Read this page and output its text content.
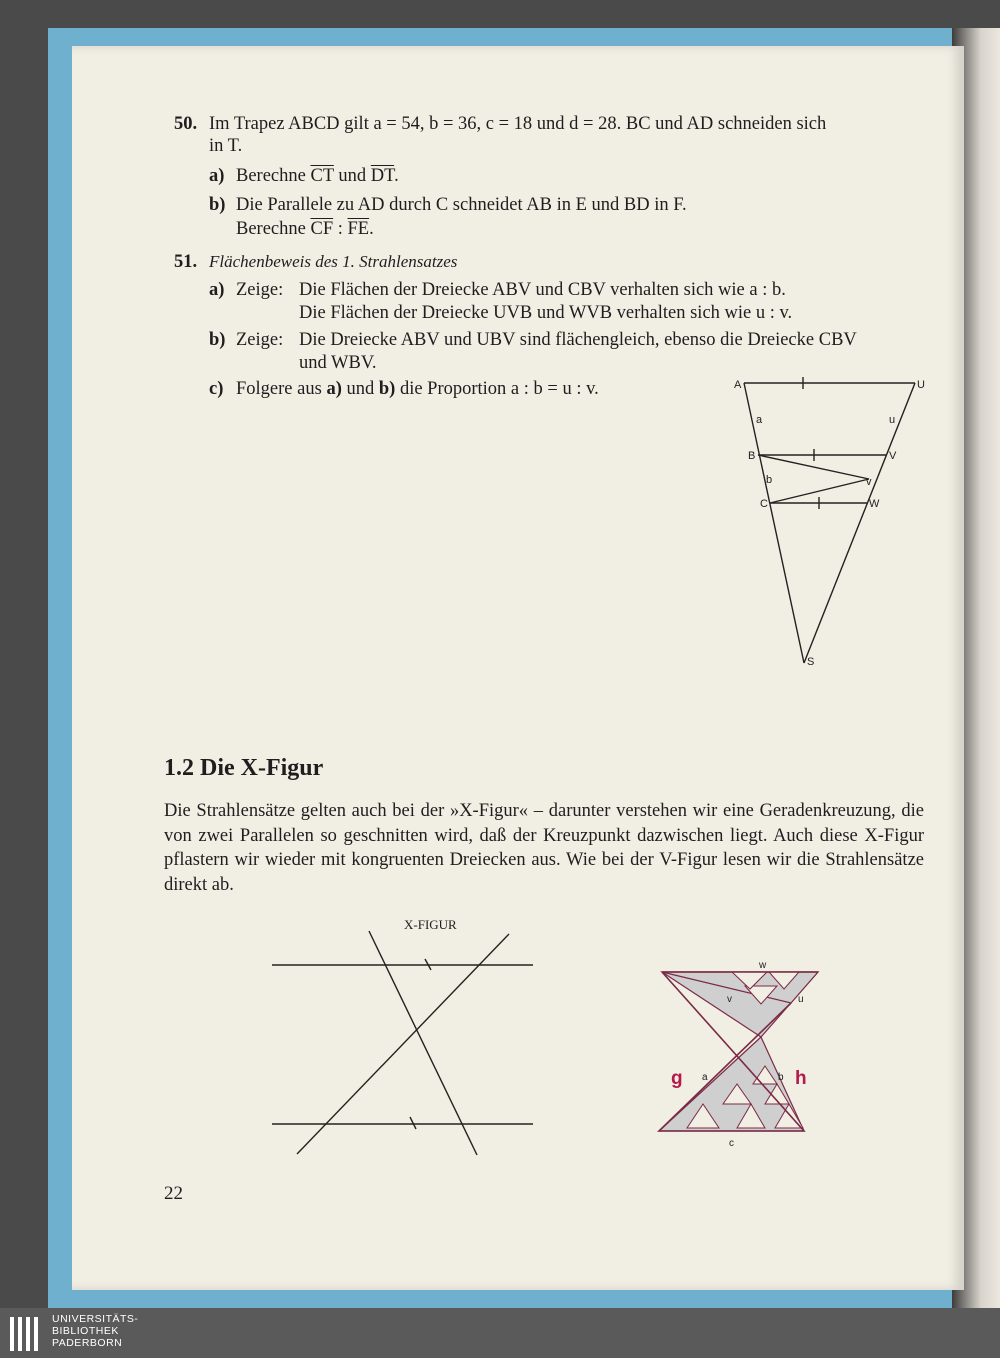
50. Im Trapez ABCD gilt a = 54, b = 36, c = 18 und d = 28. BC und AD schneiden sich
in T.
a) Berechne $\overline{CT}$ und $\overline{DT}$.
b) Die Parallele zu AD durch C schneidet AB in E und BD in F.
Berechne $\overline{CF}$ : $\overline{FE}$.
51. Flächenbeweis des 1. Strahlensatzes
a) Zeige: Die Flächen der Dreiecke ABV und CBV verhalten sich wie a : b.
Die Flächen der Dreiecke UVB und WVB verhalten sich wie u : v.
b) Zeige: Die Dreiecke ABV und UBV sind flächengleich, ebenso die Dreiecke CBV
und WBV.
c) Folgere aus a) und b) die Proportion a : b = u : v.	A	U
B	V
C	W
S
a	u
b	v
1.2 Die X-Figur
Die Strahlensätze gelten auch bei der »X-Figur« – darunter verstehen wir eine Geradenkreuzung, die von zwei Parallelen so geschnitten wird, daß der Kreuzpunkt dazwischen liegt. Auch diese X-Figur pflastern wir wieder mit kongruenten Dreiecken aus. Wie bei der V-Figur lesen wir die Strahlensätze direkt ab.
X-FIGUR
w
v	u
a	b
c
g	h
22
UNIVERSITÄTS-
BIBLIOTHEK
PADERBORN
